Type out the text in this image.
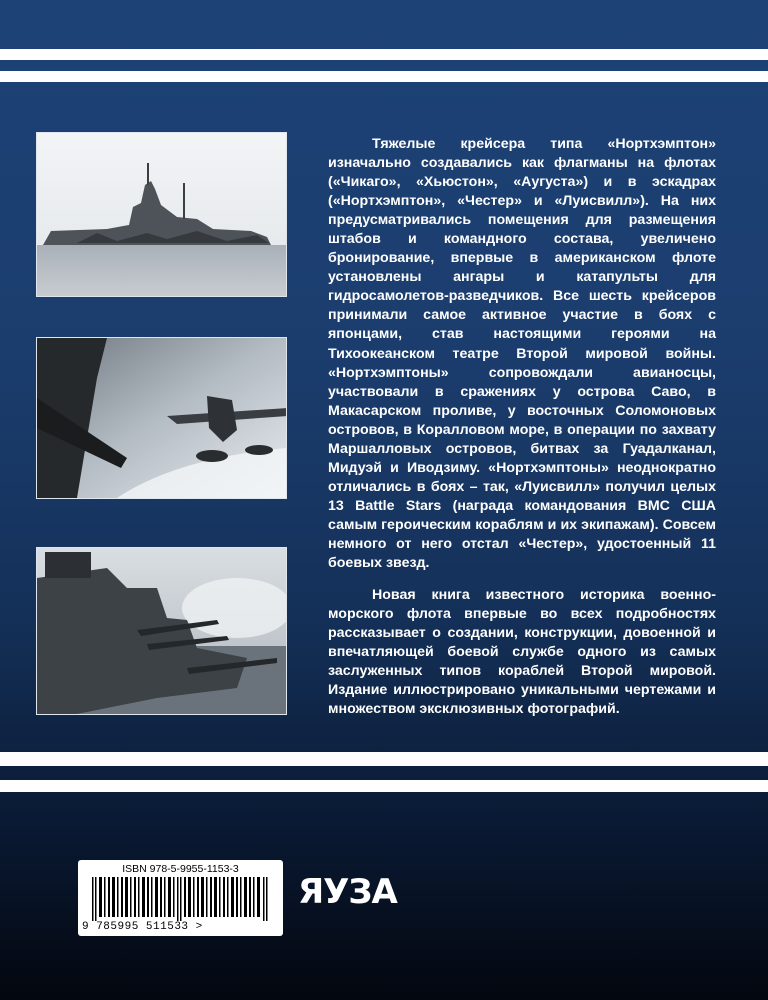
Тяжелые крейсера типа «Нортхэмптон» изначально создавались как флагманы на флотах («Чикаго», «Хьюстон», «Аугуста») и в эскадрах («Нортхэмптон», «Честер» и «Луисвилл»). На них предусматривались помещения для размещения штабов и командного состава, увеличено бронирование, впервые в американском флоте установлены ангары и катапульты для гидросамолетов-разведчиков. Все шесть крейсеров принимали самое активное участие в боях с японцами, став настоящими героями на Тихоокеанском театре Второй мировой войны. «Нортхэмптоны» сопровождали авианосцы, участвовали в сражениях у острова Саво, в Макасарском проливе, у восточных Соломоновых островов, в Коралловом море, в операции по захвату Маршалловых островов, битвах за Гуадалканал, Мидуэй и Иводзиму. «Нортхэмптоны» неоднократно отличались в боях – так, «Луисвилл» получил целых 13 Battle Stars (награда командования ВМС США самым героическим кораблям и их экипажам). Совсем немного от него отстал «Честер», удостоенный 11 боевых звезд.

Новая книга известного историка военно-морского флота впервые во всех подробностях рассказывает о создании, конструкции, довоенной и впечатляющей боевой службе одного из самых заслуженных типов кораблей Второй мировой. Издание иллюстрировано уникальными чертежами и множеством эксклюзивных фотографий.

ISBN 978-5-9955-1153-3
9 785995 511533 >
ЯУЗА
